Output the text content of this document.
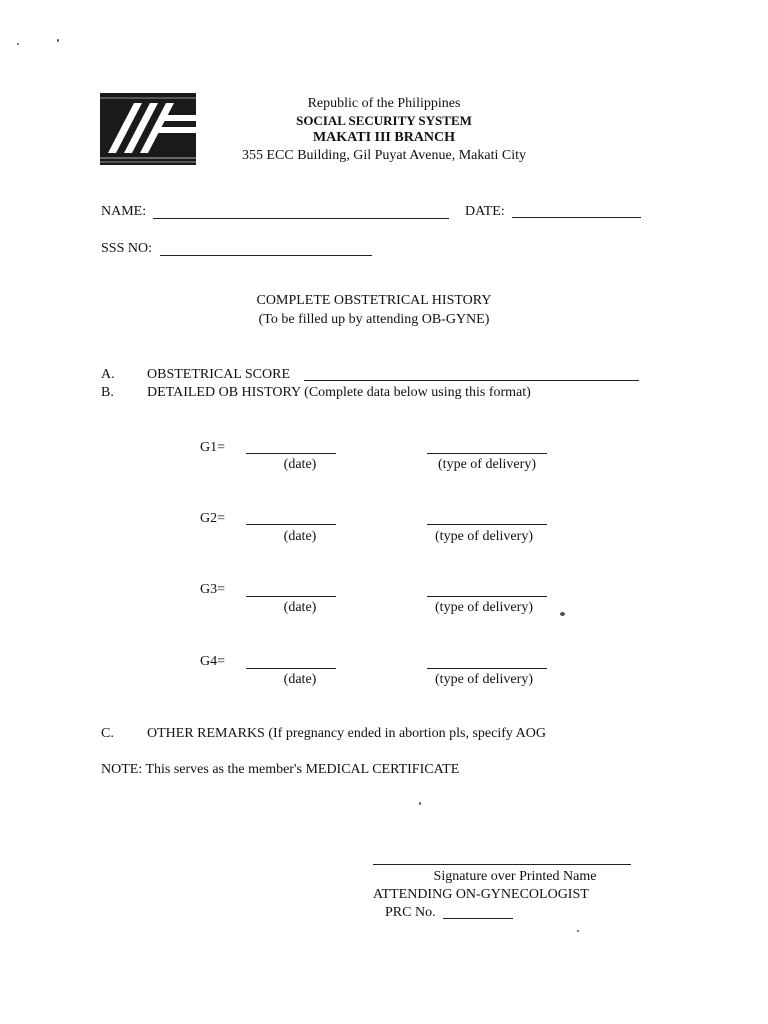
Republic of the Philippines
SOCIAL SECURITY SYSTEM
MAKATI III BRANCH
355 ECC Building, Gil Puyat Avenue, Makati City
NAME:	DATE:
SSS NO:
COMPLETE OBSTETRICAL HISTORY
(To be filled up by attending OB-GYNE)
A. OBSTETRICAL SCORE
B. DETAILED OB HISTORY (Complete data below using this format)
G1=
(date)	(type of delivery)
G2=
(date)	(type of delivery)
G3=
(date)	(type of delivery)
G4=
(date)	(type of delivery)
C. OTHER REMARKS (If pregnancy ended in abortion pls, specify AOG
NOTE: This serves as the member's MEDICAL CERTIFICATE
Signature over Printed Name
ATTENDING ON-GYNECOLOGIST
PRC No.
